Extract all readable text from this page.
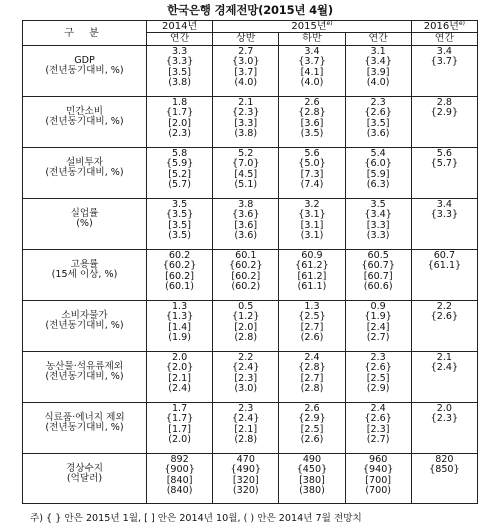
한국은행 경제전망(2015년 4월)
구 분	2014년	2015년$^{e)}$			2016년$^{e)}$
	연간	상반	하반	연간	연간

GDP
(전년동기대비, %)	3.3
{3.3}
[3.5]
(3.8)	2.7
{3.0}
[3.7]
(4.0)	3.4
{3.7}
[4.1]
(4.0)	3.1
{3.4}
[3.9]
(4.0)	3.4
{3.7}

민간소비
(전년동기대비, %)	1.8
{1.7}
[2.0]
(2.3)	2.1
{2.3}
[3.3]
(3.8)	2.6
{2.8}
[3.6]
(3.5)	2.3
{2.6}
[3.5]
(3.6)	2.8
{2.9}

설비투자
(전년동기대비, %)	5.8
{5.9}
[5.2]
(5.7)	5.2
{7.0}
[4.5]
(5.1)	5.6
{5.0}
[7.3]
(7.4)	5.4
{6.0}
[5.9]
(6.3)	5.6
{5.7}

실업률
(%)	3.5
{3.5}
[3.5]
(3.5)	3.8
{3.6}
[3.6]
(3.6)	3.2
{3.1}
[3.1]
(3.1)	3.5
{3.4}
[3.3]
(3.3)	3.4
{3.3}

고용률
(15세 이상, %)	60.2
{60.2}
[60.2]
(60.1)	60.1
{60.2}
[60.2]
(60.2)	60.9
{61.2}
[61.2]
(61.1)	60.5
{60.7}
[60.7]
(60.6)	60.7
{61.1}

소비자물가
(전년동기대비, %)	1.3
{1.3}
[1.4]
(1.9)	0.5
{1.2}
[2.0]
(2.8)	1.3
{2.5}
[2.7]
(2.6)	0.9
{1.9}
[2.4]
(2.7)	2.2
{2.6}

농산물·석유류제외
(전년동기대비, %)	2.0
{2.0}
[2.1]
(2.4)	2.2
{2.4}
[2.3]
(3.0)	2.4
{2.8}
[2.7]
(2.8)	2.3
{2.6}
[2.5]
(2.9)	2.1
{2.4}

식료품·에너지 제외
(전년동기대비, %)	1.7
{1.7}
[1.7]
(2.0)	2.3
{2.4}
[2.1]
(2.8)	2.6
{2.9}
[2.5]
(2.6)	2.4
{2.6}
[2.3]
(2.7)	2.0
{2.3}

경상수지
(억달러)	892
{900}
[840]
(840)	470
{490}
[320]
(320)	490
{450}
[380]
(380)	960
{940}
[700]
(700)	820
{850}
주) { } 안은 2015년 1월, [ ] 안은 2014년 10월, ( ) 안은 2014년 7월 전망치
